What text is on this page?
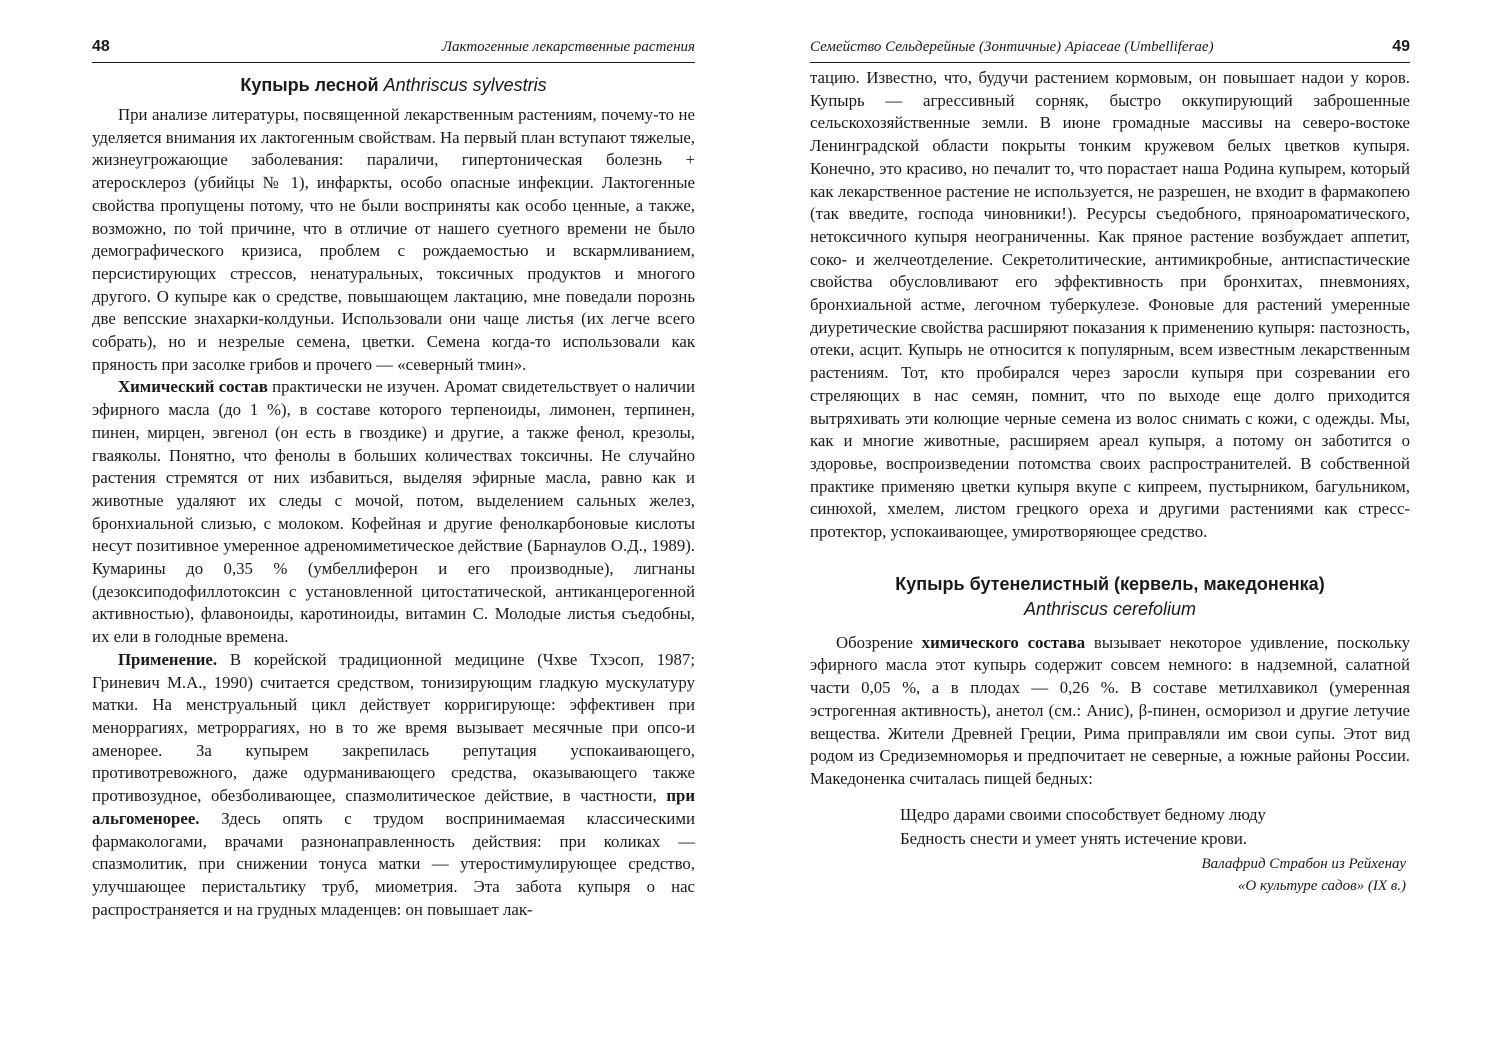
48	Лактогенные лекарственные растения
Купырь лесной Anthriscus sylvestris

При анализе литературы, посвященной лекарственным растениям, почему-то не уделяется внимания их лактогенным свойствам. На первый план вступают тяжелые, жизнеугрожающие заболевания: параличи, гипертоническая болезнь + атеросклероз (убийцы № 1), инфаркты, особо опасные инфекции. Лактогенные свойства пропущены потому, что не были восприняты как особо ценные, а также, возможно, по той причине, что в отличие от нашего суетного времени не было демографического кризиса, проблем с рождаемостью и вскармливанием, персистирующих стрессов, ненатуральных, токсичных продуктов и многого другого. О купыре как о средстве, повышающем лактацию, мне поведали порознь две вепсские знахарки-колдуньи. Использовали они чаще листья (их легче всего собрать), но и незрелые семена, цветки. Семена когда-то использовали как пряность при засолке грибов и прочего — «северный тмин».

Химический состав практически не изучен. Аромат свидетельствует о наличии эфирного масла (до 1 %), в составе которого терпеноиды, лимонен, терпинен, пинен, мирцен, эвгенол (он есть в гвоздике) и другие, а также фенол, крезолы, гваяколы. Понятно, что фенолы в больших количествах токсичны. Не случайно растения стремятся от них избавиться, выделяя эфирные масла, равно как и животные удаляют их следы с мочой, потом, выделением сальных желез, бронхиальной слизью, с молоком. Кофейная и другие фенолкарбоновые кислоты несут позитивное умеренное адреномиметическое действие (Барнаулов О.Д., 1989). Кумарины до 0,35 % (умбеллиферон и его производные), лигнаны (дезоксиподофиллотоксин с установленной цитостатической, антиканцерогенной активностью), флавоноиды, каротиноиды, витамин С. Молодые листья съедобны, их ели в голодные времена.

Применение. В корейской традиционной медицине (Чхве Тхэсоп, 1987; Гриневич М.А., 1990) считается средством, тонизирующим гладкую мускулатуру матки. На менструальный цикл действует корригирующе: эффективен при меноррагиях, метроррагиях, но в то же время вызывает месячные при опсо-и аменорее. За купырем закрепилась репутация успокаивающего, противотревожного, даже одурманивающего средства, оказывающего также противозудное, обезболивающее, спазмолитическое действие, в частности, при альгоменорее. Здесь опять с трудом воспринимаемая классическими фармакологами, врачами разнонаправленность действия: при коликах — спазмолитик, при снижении тонуса матки — утеростимулирующее средство, улучшающее перистальтику труб, миометрия. Эта забота купыря о нас распространяется и на грудных младенцев: он повышает лак-

Семейство Сельдерейные (Зонтичные) Apiaceae (Umbelliferae)	49

тацию. Известно, что, будучи растением кормовым, он повышает надои у коров. Купырь — агрессивный сорняк, быстро оккупирующий заброшенные сельскохозяйственные земли. В июне громадные массивы на северо-востоке Ленинградской области покрыты тонким кружевом белых цветков купыря. Конечно, это красиво, но печалит то, что порастает наша Родина купырем, который как лекарственное растение не используется, не разрешен, не входит в фармакопею (так введите, господа чиновники!). Ресурсы съедобного, пряноароматического, нетоксичного купыря неограниченны. Как пряное растение возбуждает аппетит, соко- и желчеотделение. Секретолитические, антимикробные, антиспастические свойства обусловливают его эффективность при бронхитах, пневмониях, бронхиальной астме, легочном туберкулезе. Фоновые для растений умеренные диуретические свойства расширяют показания к применению купыря: пастозность, отеки, асцит. Купырь не относится к популярным, всем известным лекарственным растениям. Тот, кто пробирался через заросли купыря при созревании его стреляющих в нас семян, помнит, что по выходе еще долго приходится вытряхивать эти колющие черные семена из волос снимать с кожи, с одежды. Мы, как и многие животные, расширяем ареал купыря, а потому он заботится о здоровье, воспроизведении потомства своих распространителей. В собственной практике применяю цветки купыря вкупе с кипреем, пустырником, багульником, синюхой, хмелем, листом грецкого ореха и другими растениями как стресс-протектор, успокаивающее, умиротворяющее средство.

Купырь бутенелистный (кервель, македоненка)
Anthriscus cerefolium

Обозрение химического состава вызывает некоторое удивление, поскольку эфирного масла этот купырь содержит совсем немного: в надземной, салатной части 0,05 %, а в плодах — 0,26 %. В составе метилхавикол (умеренная эстрогенная активность), анетол (см.: Анис), β-пинен, осморизол и другие летучие вещества. Жители Древней Греции, Рима приправляли им свои супы. Этот вид родом из Средиземноморья и предпочитает не северные, а южные районы России. Македоненка считалась пищей бедных:

Щедро дарами своими способствует бедному люду
Бедность снести и умеет унять истечение крови.
Валафрид Страбон из Рейхенау
«О культуре садов» (IX в.)
